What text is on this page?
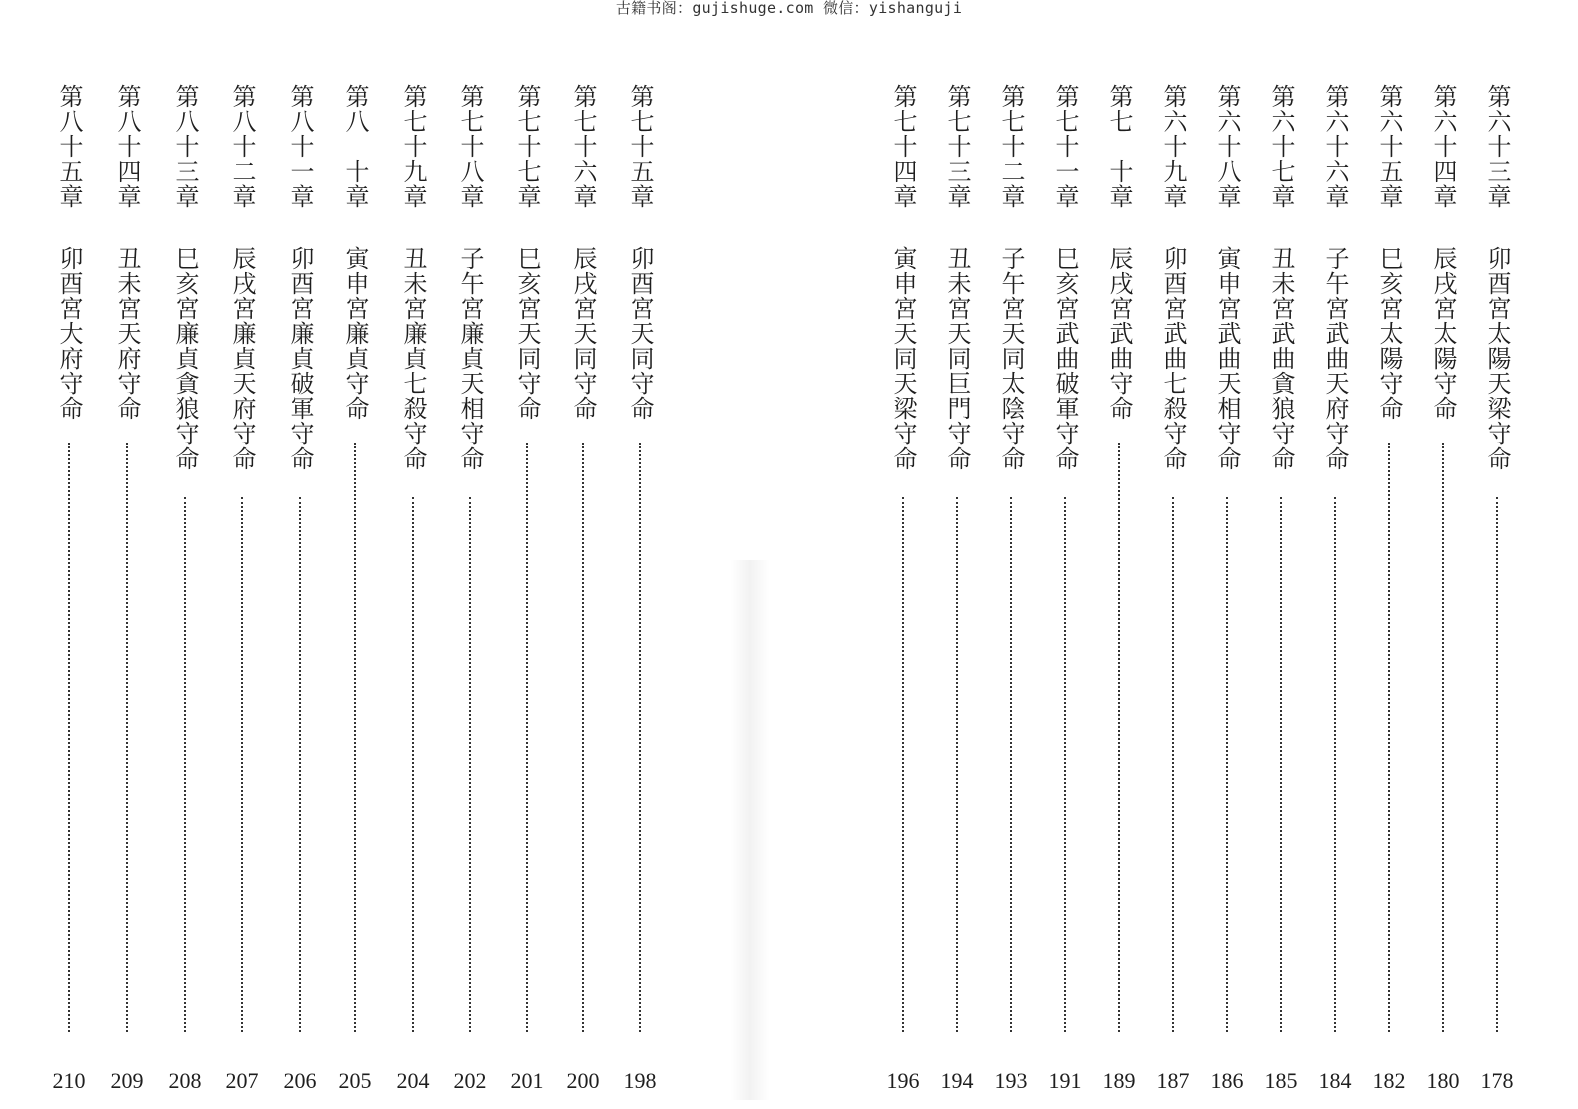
古籍书阁：gujishuge.com 微信：yishanguji
第七十五章
卯酉宮天同守命
198
第七十六章
辰戌宮天同守命
200
第七十七章
巳亥宮天同守命
201
第七十八章
子午宮廉貞天相守命
202
第七十九章
丑未宮廉貞七殺守命
204
第八　十章
寅申宮廉貞守命
205
第八十一章
卯酉宮廉貞破軍守命
206
第八十二章
辰戌宮廉貞天府守命
207
第八十三章
巳亥宮廉貞貪狼守命
208
第八十四章
丑未宮天府守命
209
第八十五章
卯酉宮大府守命
210
第六十三章
卯酉宮太陽天梁守命
178
第六十四章
辰戌宮太陽守命
180
第六十五章
巳亥宮太陽守命
182
第六十六章
子午宮武曲天府守命
184
第六十七章
丑未宮武曲貪狼守命
185
第六十八章
寅申宮武曲天相守命
186
第六十九章
卯酉宮武曲七殺守命
187
第七　十章
辰戌宮武曲守命
189
第七十一章
巳亥宮武曲破軍守命
191
第七十二章
子午宮天同太陰守命
193
第七十三章
丑未宮天同巨門守命
194
第七十四章
寅申宮天同天梁守命
196
